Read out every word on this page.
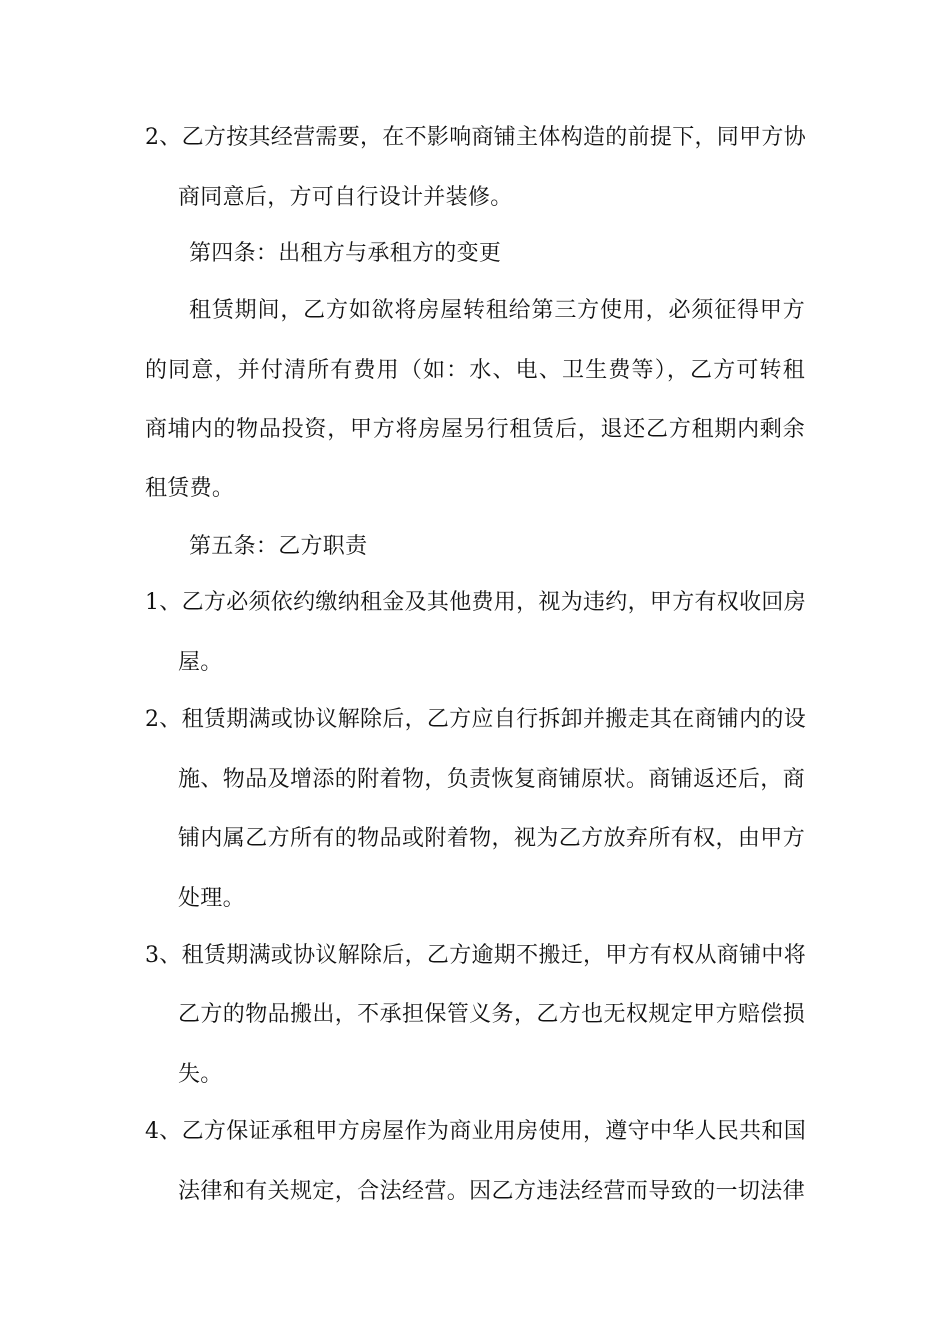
2、乙方按其经营需要，在不影响商铺主体构造的前提下，同甲方协
商同意后，方可自行设计并装修。
第四条：出租方与承租方的变更
租赁期间，乙方如欲将房屋转租给第三方使用，必须征得甲方
的同意，并付清所有费用（如：水、电、卫生费等），乙方可转租
商埔内的物品投资，甲方将房屋另行租赁后，退还乙方租期内剩余
租赁费。
第五条：乙方职责
1、乙方必须依约缴纳租金及其他费用，视为违约，甲方有权收回房
屋。
2、租赁期满或协议解除后，乙方应自行拆卸并搬走其在商铺内的设
施、物品及增添的附着物，负责恢复商铺原状。商铺返还后，商
铺内属乙方所有的物品或附着物，视为乙方放弃所有权，由甲方
处理。
3、租赁期满或协议解除后，乙方逾期不搬迁，甲方有权从商铺中将
乙方的物品搬出，不承担保管义务，乙方也无权规定甲方赔偿损
失。
4、乙方保证承租甲方房屋作为商业用房使用，遵守中华人民共和国
法律和有关规定，合法经营。因乙方违法经营而导致的一切法律
